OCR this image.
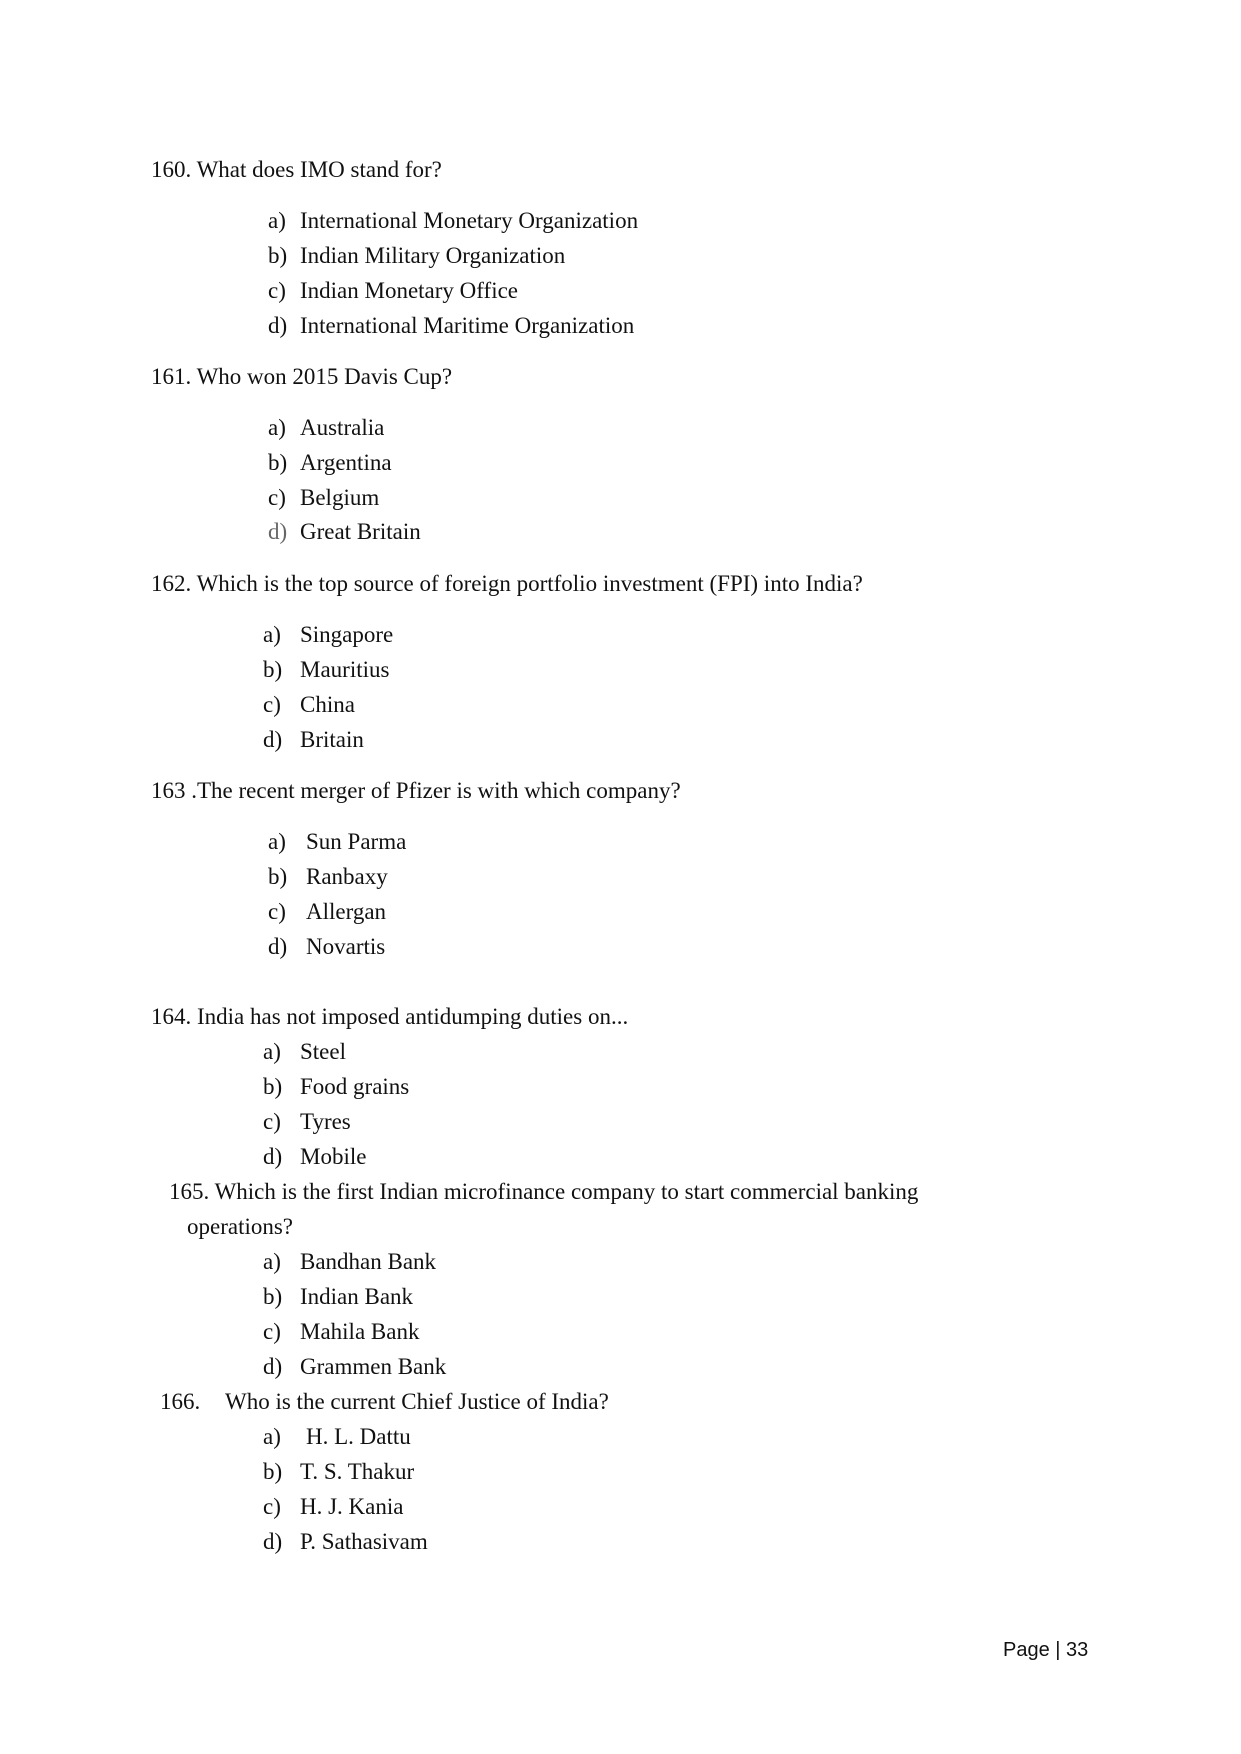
160. What does IMO stand for?
a) International Monetary Organization
b) Indian Military Organization
c) Indian Monetary Office
d) International Maritime Organization
161. Who won 2015 Davis Cup?
a) Australia
b) Argentina
c) Belgium
d) Great Britain
162. Which is the top source of foreign portfolio investment (FPI) into India?
a) Singapore
b) Mauritius
c) China
d) Britain
163 .The recent merger of Pfizer is with which company?
a) Sun Parma
b) Ranbaxy
c) Allergan
d) Novartis
164. India has not imposed antidumping duties on...
a) Steel
b) Food grains
c) Tyres
d) Mobile
165. Which is the first Indian microfinance company to start commercial banking
operations?
a) Bandhan Bank
b) Indian Bank
c) Mahila Bank
d) Grammen Bank
166. Who is the current Chief Justice of India?
a) H. L. Dattu
b) T. S. Thakur
c) H. J. Kania
d) P. Sathasivam
Page | 33
